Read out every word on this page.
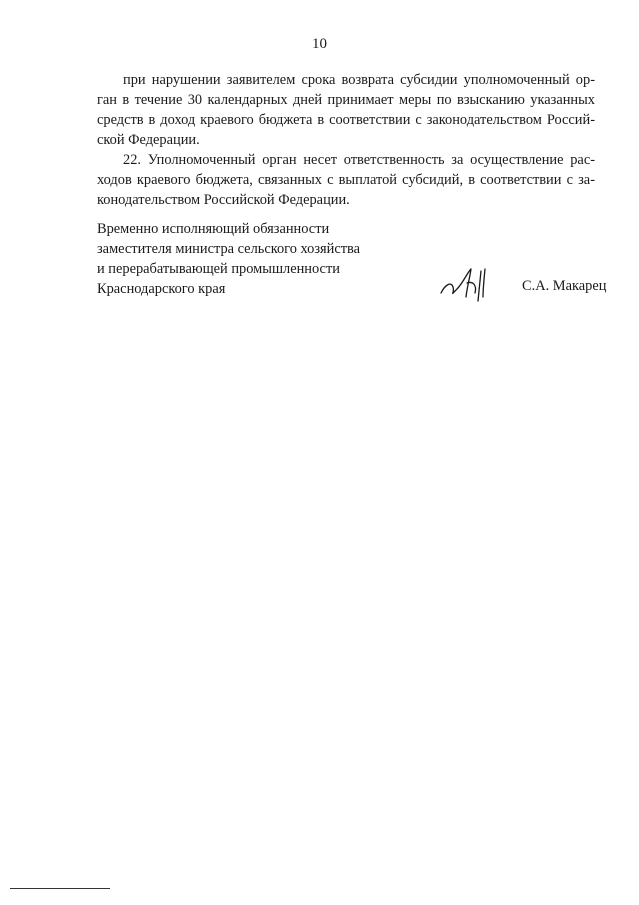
10
при нарушении заявителем срока возврата субсидии уполномоченный ор-
ган в течение 30 календарных дней принимает меры по взысканию указанных
средств в доход краевого бюджета в соответствии с законодательством Россий-
ской Федерации.
22. Уполномоченный орган несет ответственность за осуществление рас-
ходов краевого бюджета, связанных с выплатой субсидий, в соответствии с за-
конодательством Российской Федерации.
Временно исполняющий обязанности
заместителя министра сельского хозяйства
и перерабатывающей промышленности
Краснодарского края	С.А. Макарец
